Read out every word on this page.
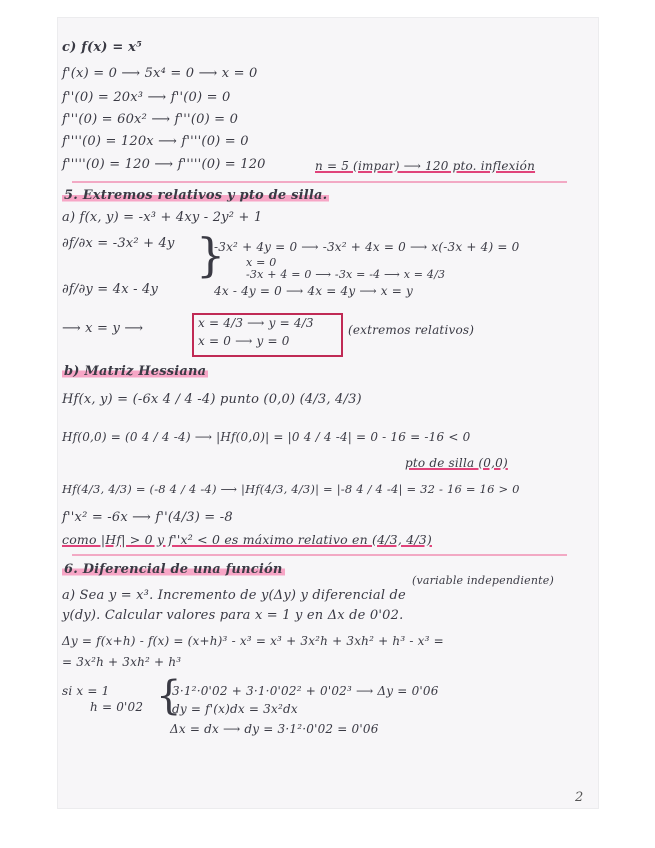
c) f(x) = x⁵
f'(x) = 0 ⟶ 5x⁴ = 0 ⟶ x = 0
f''(0) = 20x³ ⟶ f''(0) = 0
f'''(0) = 60x² ⟶ f'''(0) = 0
f''''(0) = 120x ⟶ f''''(0) = 0
f'''''(0) = 120 ⟶ f'''''(0) = 120	n = 5 (impar) ⟶ 120 pto. inflexión
5. Extremos relativos y pto de silla.
a) f(x, y) = -x³ + 4xy - 2y² + 1
∂f/∂x = -3x² + 4y }
-3x² + 4y = 0 ⟶ -3x² + 4x = 0 ⟶ x(-3x + 4) = 0
x = 0
-3x + 4 = 0 ⟶ -3x = -4 ⟶ x = 4/3
∂f/∂y = 4x - 4y	4x - 4y = 0 ⟶ 4x = 4y ⟶ x = y
⟶ x = y ⟶	x = 4/3 ⟶ y = 4/3
x = 0 ⟶ y = 0
(extremos relativos)
b) Matriz Hessiana
Hf(x, y) = (-6x 4 / 4 -4) punto (0,0) (4/3, 4/3)
Hf(0,0) = (0 4 / 4 -4) ⟶ |Hf(0,0)| = |0 4 / 4 -4| = 0 - 16 = -16 < 0
pto de silla (0,0)
Hf(4/3, 4/3) = (-8 4 / 4 -4) ⟶ |Hf(4/3, 4/3)| = |-8 4 / 4 -4| = 32 - 16 = 16 > 0
f''x² = -6x ⟶ f''(4/3) = -8
como |Hf| > 0 y f''x² < 0 es máximo relativo en (4/3, 4/3)
6. Diferencial de una función
(variable independiente)
a) Sea y = x³. Incremento de y(Δy) y diferencial de
y(dy). Calcular valores para x = 1 y en Δx de 0'02.
Δy = f(x+h) - f(x) = (x+h)³ - x³ = x³ + 3x²h + 3xh² + h³ - x³ =
= 3x²h + 3xh² + h³
si x = 1
h = 0'02 {
3·1²·0'02 + 3·1·0'02² + 0'02³ ⟶ Δy = 0'06
dy = f'(x)dx = 3x²dx
Δx = dx ⟶ dy = 3·1²·0'02 = 0'06
2
